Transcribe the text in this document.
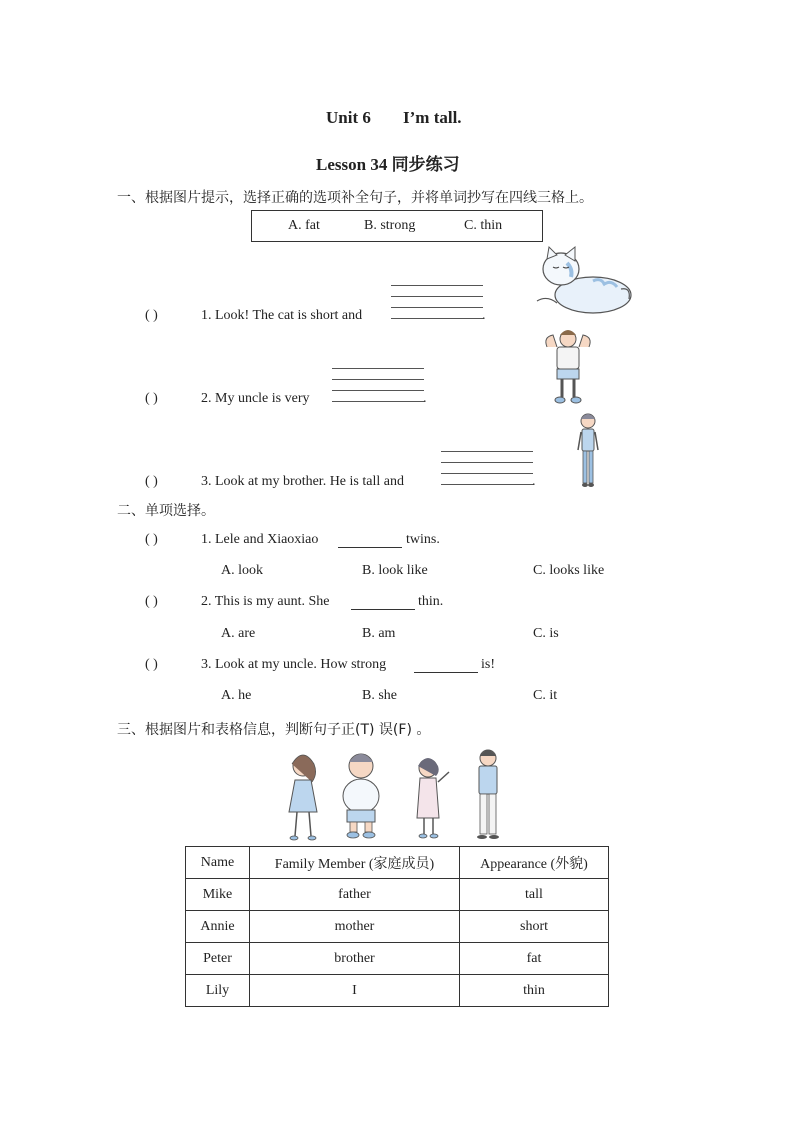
Unit 6 I’m tall.
Lesson 34 同步练习
一、根据图片提示，选择正确的选项补全句子，并将单词抄写在四线三格上。
A. fat	B. strong	C. thin
( )	1. Look! The cat is short and	.
( )	2. My uncle is very	.
( )	3. Look at my brother. He is tall and	.
二、单项选择。
( )	1. Lele and Xiaoxiao	twins.
A. look	B. look like	C. looks like
( )	2. This is my aunt. She	thin.
A. are	B. am	C. is
( )	3. Look at my uncle. How strong	is!
A. he	B. she	C. it
三、根据图片和表格信息，判断句子正(T) 误(F) 。
Name	Family Member (家庭成员)	Appearance (外貌)
Mike	father	tall
Annie	mother	short
Peter	brother	fat
Lily	I	thin
